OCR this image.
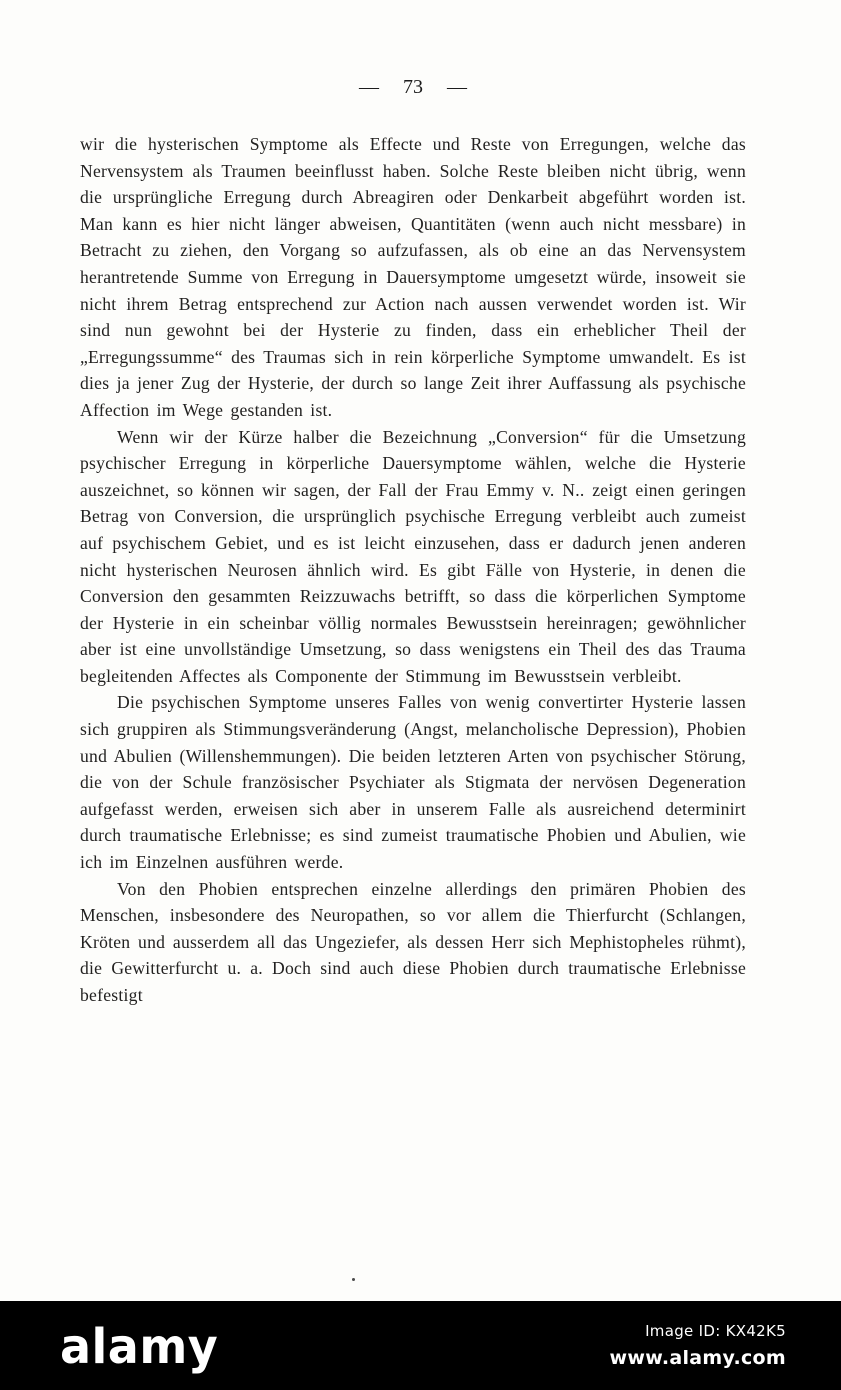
— 73 —

wir die hysterischen Symptome als Effecte und Reste von Erregungen, welche das Nervensystem als Traumen beeinflusst haben. Solche Reste bleiben nicht übrig, wenn die ursprüngliche Erregung durch Abreagiren oder Denkarbeit abgeführt worden ist. Man kann es hier nicht länger abweisen, Quantitäten (wenn auch nicht messbare) in Betracht zu ziehen, den Vorgang so aufzufassen, als ob eine an das Nervensystem herantretende Summe von Erregung in Dauersymptome umgesetzt würde, insoweit sie nicht ihrem Betrag entsprechend zur Action nach aussen verwendet worden ist. Wir sind nun gewohnt bei der Hysterie zu finden, dass ein erheblicher Theil der „Erregungssumme“ des Traumas sich in rein körperliche Symptome umwandelt. Es ist dies ja jener Zug der Hysterie, der durch so lange Zeit ihrer Auffassung als psychische Affection im Wege gestanden ist.

Wenn wir der Kürze halber die Bezeichnung „Conversion“ für die Umsetzung psychischer Erregung in körperliche Dauersymptome wählen, welche die Hysterie auszeichnet, so können wir sagen, der Fall der Frau Emmy v. N.. zeigt einen geringen Betrag von Conversion, die ursprünglich psychische Erregung verbleibt auch zumeist auf psychischem Gebiet, und es ist leicht einzusehen, dass er dadurch jenen anderen nicht hysterischen Neurosen ähnlich wird. Es gibt Fälle von Hysterie, in denen die Conversion den gesammten Reizzuwachs betrifft, so dass die körperlichen Symptome der Hysterie in ein scheinbar völlig normales Bewusstsein hereinragen; gewöhnlicher aber ist eine unvollständige Umsetzung, so dass wenigstens ein Theil des das Trauma begleitenden Affectes als Componente der Stimmung im Bewusstsein verbleibt.

Die psychischen Symptome unseres Falles von wenig convertirter Hysterie lassen sich gruppiren als Stimmungsveränderung (Angst, melancholische Depression), Phobien und Abulien (Willenshemmungen). Die beiden letzteren Arten von psychischer Störung, die von der Schule französischer Psychiater als Stigmata der nervösen Degeneration aufgefasst werden, erweisen sich aber in unserem Falle als ausreichend determinirt durch traumatische Erlebnisse; es sind zumeist traumatische Phobien und Abulien, wie ich im Einzelnen ausführen werde.

Von den Phobien entsprechen einzelne allerdings den primären Phobien des Menschen, insbesondere des Neuropathen, so vor allem die Thierfurcht (Schlangen, Kröten und ausserdem all das Ungeziefer, als dessen Herr sich Mephistopheles rühmt), die Gewitterfurcht u. a. Doch sind auch diese Phobien durch traumatische Erlebnisse befestigt

alamy	Image ID: KX42K5
www.alamy.com
